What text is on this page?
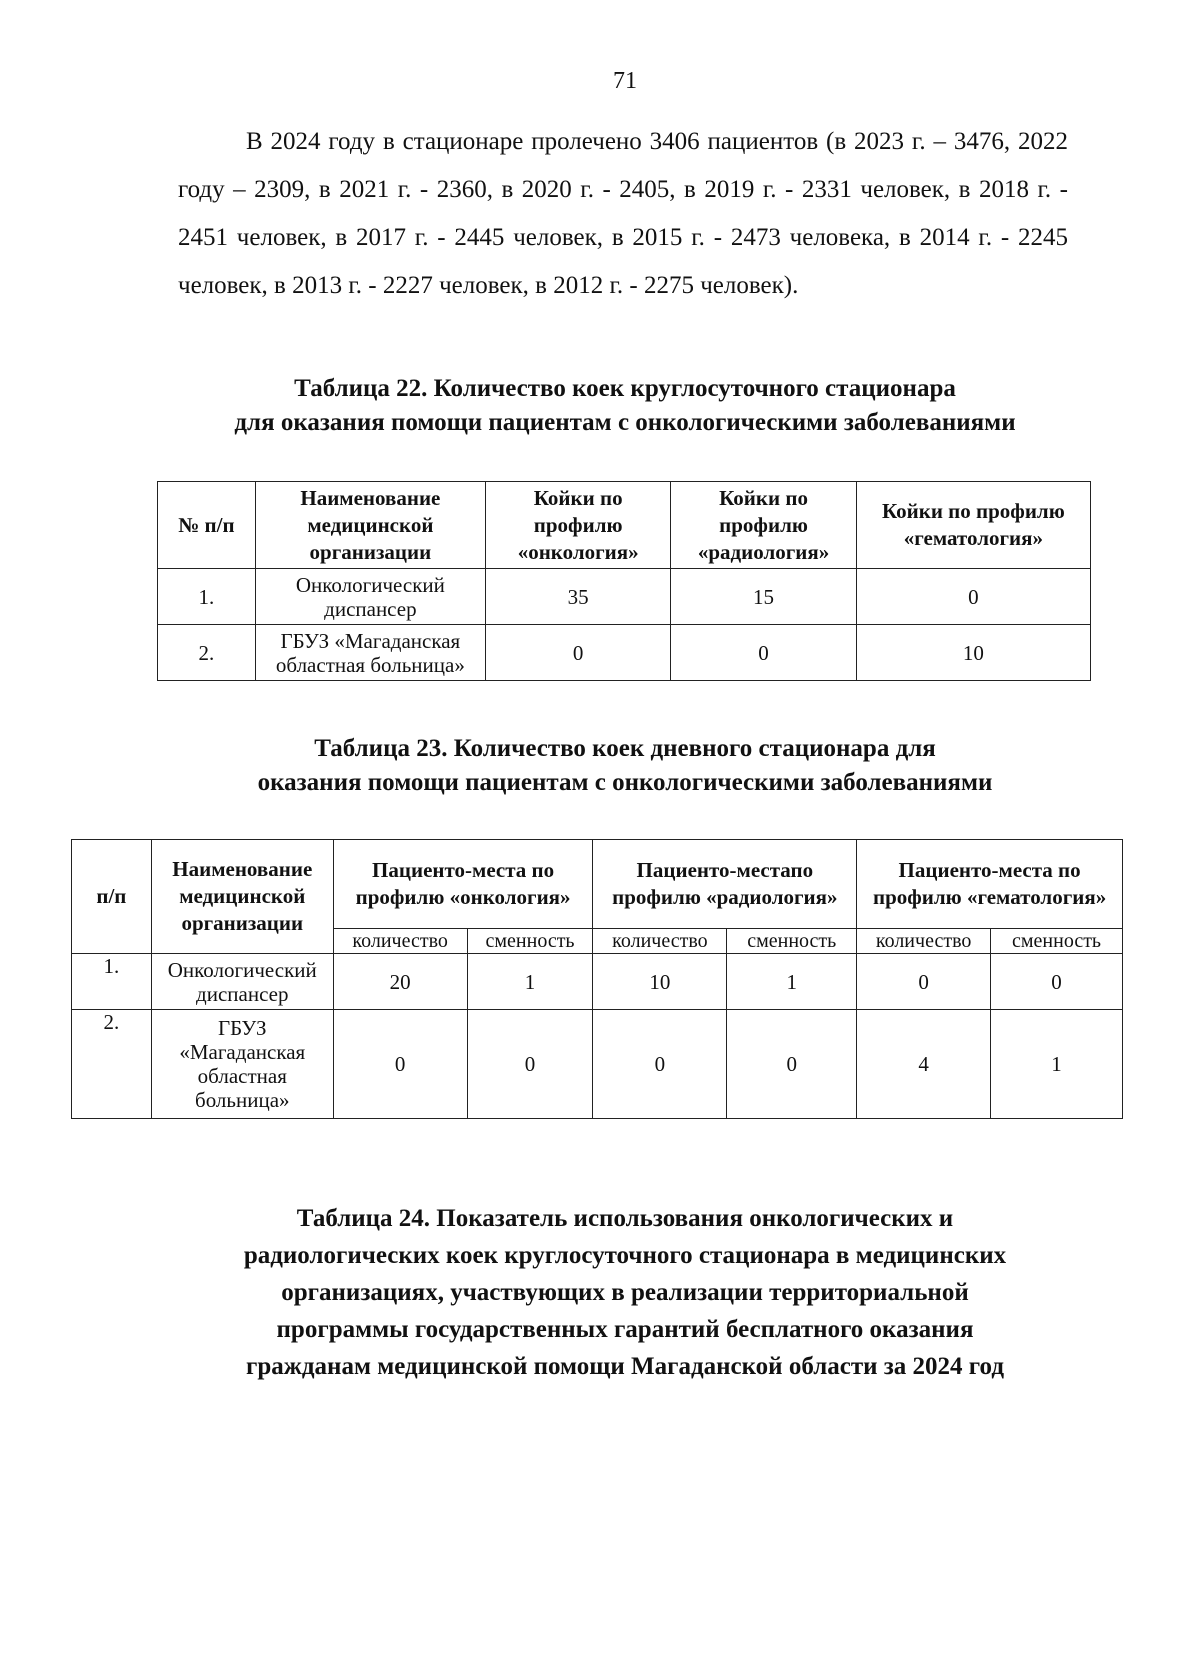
71

В 2024 году в стационаре пролечено 3406 пациентов (в 2023 г. – 3476, 2022 году – 2309, в 2021 г. - 2360, в 2020 г. - 2405, в 2019 г. - 2331 человек, в 2018 г. - 2451 человек, в 2017 г. - 2445 человек, в 2015 г. - 2473 человека, в 2014 г. - 2245 человек, в 2013 г. - 2227 человек, в 2012 г. - 2275 человек).

Таблица 22. Количество коек круглосуточного стационара
для оказания помощи пациентам с онкологическими заболеваниями
№ п/п	Наименование медицинской организации	Койки по профилю «онкология»	Койки по профилю «радиология»	Койки по профилю «гематология»
1.	Онкологический диспансер	35	15	0
2.	ГБУЗ «Магаданская областная больница»	0	0	10
Таблица 23. Количество коек дневного стационара для
оказания помощи пациентам с онкологическими заболеваниями
п/п	Наименование медицинской организации	Пациенто-места по профилю «онкология»		Пациенто-местапо профилю «радиология»		Пациенто-места по профилю «гематология»	
		количество	сменность	количество	сменность	количество	сменность
1.	Онкологический диспансер	20	1	10	1	0	0
2.	ГБУЗ «Магаданская областная больница»	0	0	0	0	4	1
Таблица 24. Показатель использования онкологических и
радиологических коек круглосуточного стационара в медицинских
организациях, участвующих в реализации территориальной
программы государственных гарантий бесплатного оказания
гражданам медицинской помощи Магаданской области за 2024 год
